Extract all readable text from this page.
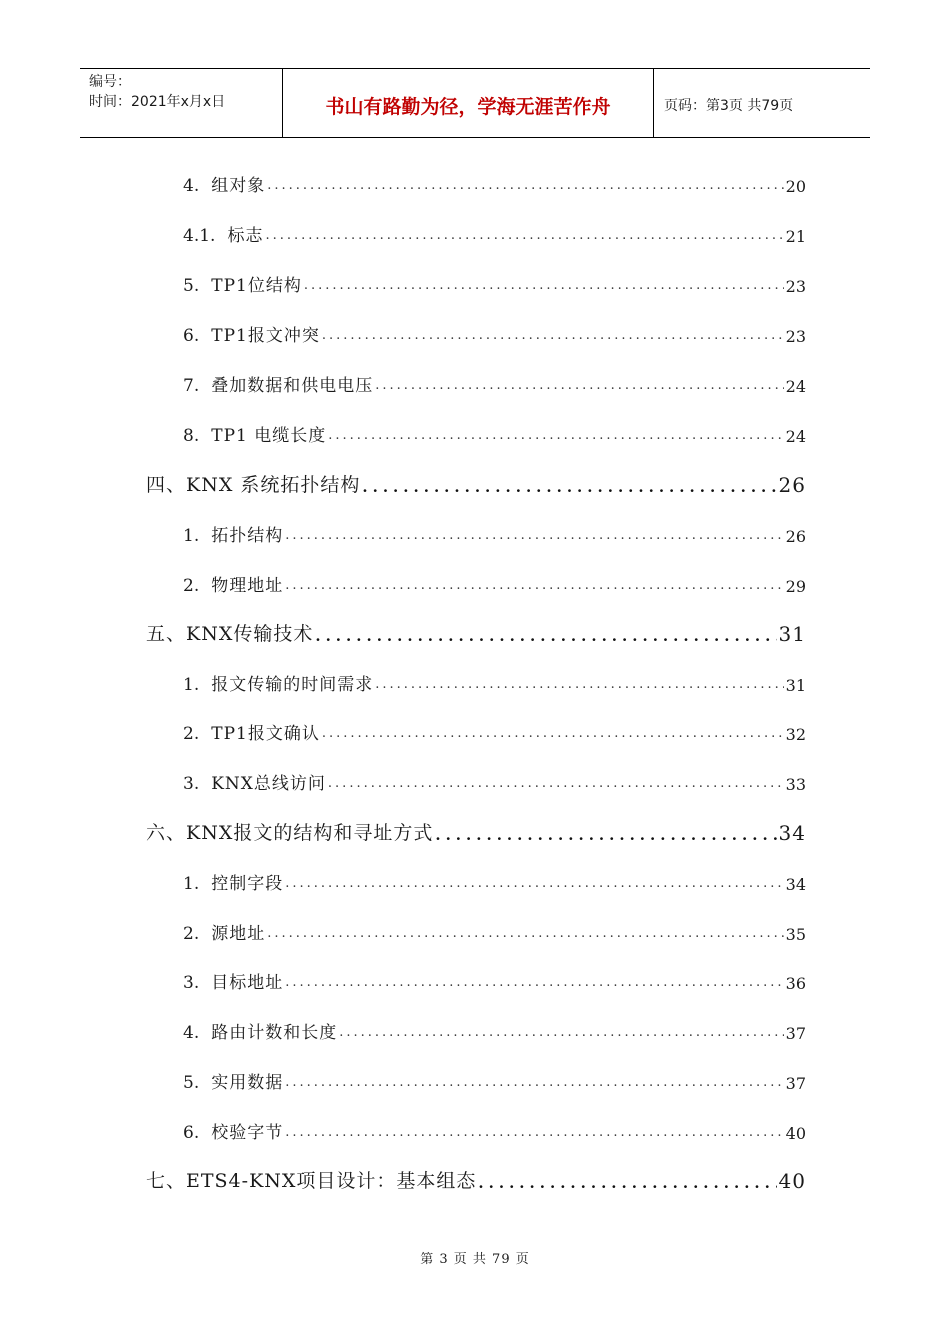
编号：
时间：2021年x月x日	书山有路勤为径，学海无涯苦作舟	页码：第3页 共79页
4. 组对象 .....	20
4.1. 标志 .....	21
5. TP1位结构 .....	23
6. TP1报文冲突 .....	23
7. 叠加数据和供电电压 .....	24
8. TP1 电缆长度 .....	24
四、KNX 系统拓扑结构 .....	26
1. 拓扑结构 .....	26
2. 物理地址 .....	29
五、KNX传输技术 .....	31
1. 报文传输的时间需求 .....	31
2. TP1报文确认 .....	32
3. KNX总线访问 .....	33
六、KNX报文的结构和寻址方式 .....	34
1. 控制字段 .....	34
2. 源地址 .....	35
3. 目标地址 .....	36
4. 路由计数和长度 .....	37
5. 实用数据 .....	37
6. 校验字节 .....	40
七、ETS4-KNX项目设计：基本组态 .....	40
第 3 页 共 79 页
